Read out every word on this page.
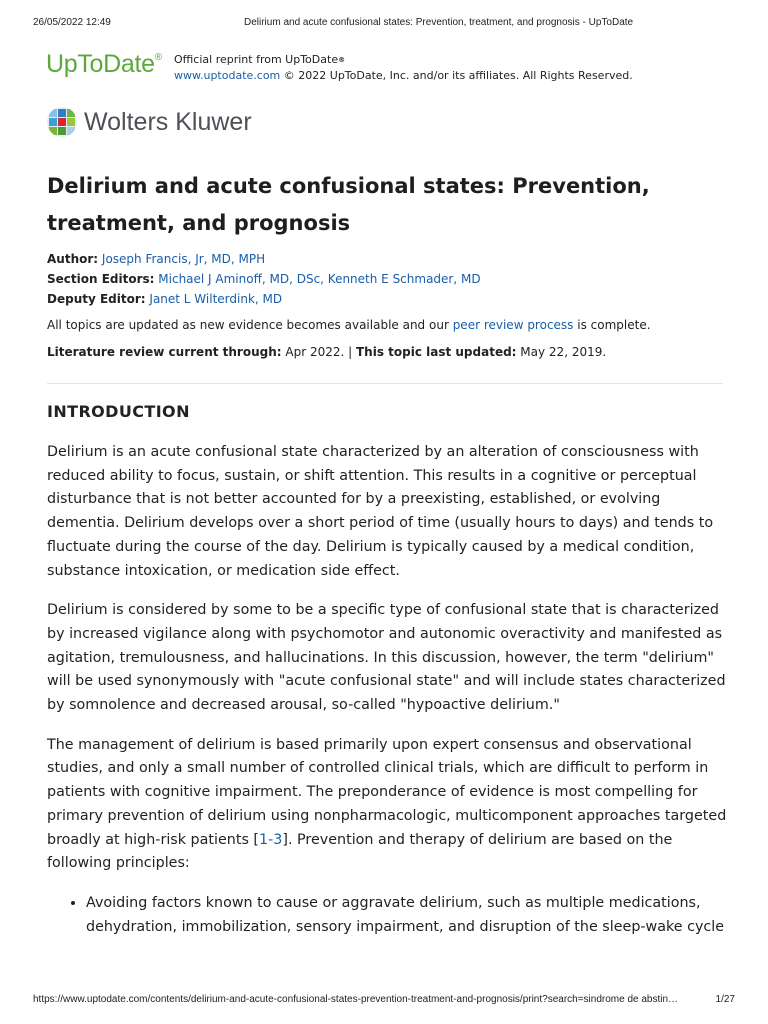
26/05/2022 12:49	Delirium and acute confusional states: Prevention, treatment, and prognosis - UpToDate
UpToDate® Official reprint from UpToDate®
www.uptodate.com © 2022 UpToDate, Inc. and/or its affiliates. All Rights Reserved.
Wolters Kluwer
Delirium and acute confusional states: Prevention, treatment, and prognosis
Author: Joseph Francis, Jr, MD, MPH
Section Editors: Michael J Aminoff, MD, DSc, Kenneth E Schmader, MD
Deputy Editor: Janet L Wilterdink, MD
All topics are updated as new evidence becomes available and our peer review process is complete.
Literature review current through: Apr 2022. | This topic last updated: May 22, 2019.
INTRODUCTION

Delirium is an acute confusional state characterized by an alteration of consciousness with reduced ability to focus, sustain, or shift attention. This results in a cognitive or perceptual disturbance that is not better accounted for by a preexisting, established, or evolving dementia. Delirium develops over a short period of time (usually hours to days) and tends to fluctuate during the course of the day. Delirium is typically caused by a medical condition, substance intoxication, or medication side effect.

Delirium is considered by some to be a specific type of confusional state that is characterized by increased vigilance along with psychomotor and autonomic overactivity and manifested as agitation, tremulousness, and hallucinations. In this discussion, however, the term "delirium" will be used synonymously with "acute confusional state" and will include states characterized by somnolence and decreased arousal, so-called "hypoactive delirium."

The management of delirium is based primarily upon expert consensus and observational studies, and only a small number of controlled clinical trials, which are difficult to perform in patients with cognitive impairment. The preponderance of evidence is most compelling for primary prevention of delirium using nonpharmacologic, multicomponent approaches targeted broadly at high-risk patients [1-3]. Prevention and therapy of delirium are based on the following principles:

• Avoiding factors known to cause or aggravate delirium, such as multiple medications, dehydration, immobilization, sensory impairment, and disruption of the sleep-wake cycle
https://www.uptodate.com/contents/delirium-and-acute-confusional-states-prevention-treatment-and-prognosis/print?search=sindrome de abstin…	1/27
